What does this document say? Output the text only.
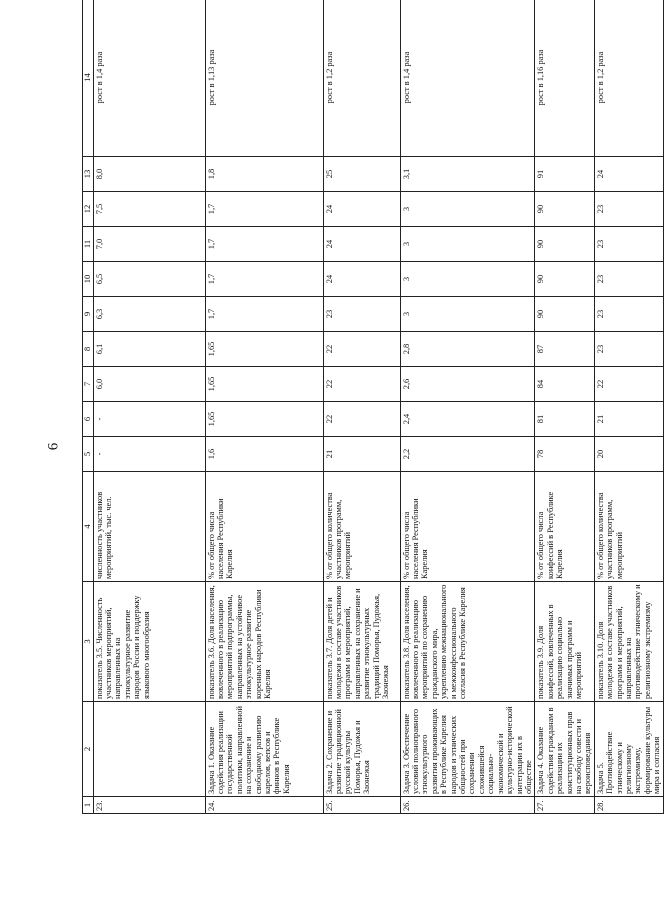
6
1	2	3	4	5	6	7	8	9	10	11	12	13	14
23.		показатель 3.5. Численность участников мероприятий, направленных на этнокультурное развитие народов России и поддержку языкового многообразия	численность участников мероприятий, тыс. чел.	-	-	6,0	6,1	6,3	6,5	7,0	7,5	8,0	рост в 1,4 раза
24.	Задача 1. Оказание содействия реализации государственной политики, направленной на сохранение и свободному развитию карелов, вепсов и финнов в Республике Карелия	показатель 3.6. Доля населения, вовлеченного в реализацию мероприятий подпрограммы, направленных на устойчивое этнокультурное развитие коренных народов Республики Карелия	% от общего числа населения Республики Карелия	1,6	1,65	1,65	1,65	1,7	1,7	1,7	1,7	1,8	рост в 1,13 раза
25.	Задача 2. Сохранение и развитие традиционной русской культуры Поморья, Пудожья и Заонежья	показатель 3.7. Доля детей и молодежи в составе участников программ и мероприятий, направленных на сохранение и развитие этнокультурных традиций Поморья, Пудожья, Заонежья	% от общего количества участников программ, мероприятий	21	22	22	22	23	24	24	24	25	рост в 1,2 раза
26.	Задача 3. Обеспечение условий полноправного этнокультурного развития проживающих в Республике Карелия народов и этнических общностей при сохранении сложившейся социально-экономической и культурно-исторической интеграции их в обществе	показатель 3.8. Доля населения, вовлеченного в реализацию мероприятий по сохранению гражданского мира, укреплению межнационального и межконфессионального согласия в Республике Карелия	% от общего числа населения Республики Карелия	2,2	2,4	2,6	2,8	3	3	3	3	3,1	рост в 1,4 раза
27.	Задача 4. Оказание содействия гражданам в реализации их конституционных прав на свободу совести и вероисповедания	показатель 3.9. Доля конфессий, вовлеченных в реализацию социально значимых программ и мероприятий	% от общего числа конфессий в Республике Карелия	78	81	84	87	90	90	90	90	91	рост в 1,16 раза
28.	Задача 5. Противодействие этническому и религиозному экстремизму, формирование культуры мира и согласия	показатель 3.10. Доля молодежи в составе участников программ и мероприятий, направленных на противодействие этническому и религиозному экстремизму	% от общего количества участников программ, мероприятий	20	21	22	23	23	23	23	23	24	рост в 1,2 раза
